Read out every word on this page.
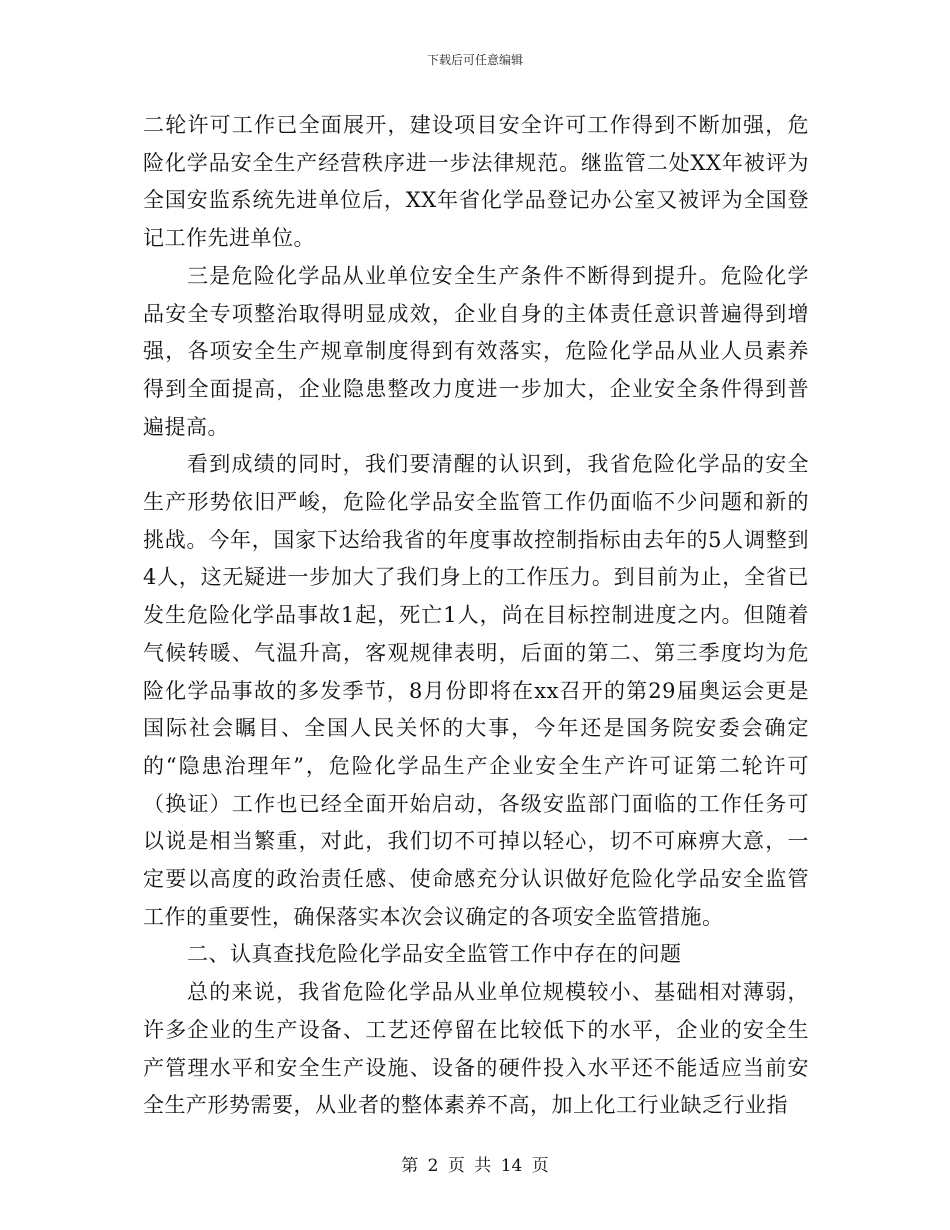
下载后可任意编辑

二轮许可工作已全面展开，建设项目安全许可工作得到不断加强，危险化学品安全生产经营秩序进一步法律规范。继监管二处XX年被评为全国安监系统先进单位后，XX年省化学品登记办公室又被评为全国登记工作先进单位。

三是危险化学品从业单位安全生产条件不断得到提升。危险化学品安全专项整治取得明显成效，企业自身的主体责任意识普遍得到增强，各项安全生产规章制度得到有效落实，危险化学品从业人员素养得到全面提高，企业隐患整改力度进一步加大，企业安全条件得到普遍提高。

看到成绩的同时，我们要清醒的认识到，我省危险化学品的安全生产形势依旧严峻，危险化学品安全监管工作仍面临不少问题和新的挑战。今年，国家下达给我省的年度事故控制指标由去年的5人调整到4人，这无疑进一步加大了我们身上的工作压力。到目前为止，全省已发生危险化学品事故1起，死亡1人，尚在目标控制进度之内。但随着气候转暖、气温升高，客观规律表明，后面的第二、第三季度均为危险化学品事故的多发季节，8月份即将在xx召开的第29届奥运会更是国际社会瞩目、全国人民关怀的大事，今年还是国务院安委会确定的“隐患治理年”，危险化学品生产企业安全生产许可证第二轮许可（换证）工作也已经全面开始启动，各级安监部门面临的工作任务可以说是相当繁重，对此，我们切不可掉以轻心，切不可麻痹大意，一定要以高度的政治责任感、使命感充分认识做好危险化学品安全监管工作的重要性，确保落实本次会议确定的各项安全监管措施。

二、认真查找危险化学品安全监管工作中存在的问题

总的来说，我省危险化学品从业单位规模较小、基础相对薄弱，许多企业的生产设备、工艺还停留在比较低下的水平，企业的安全生产管理水平和安全生产设施、设备的硬件投入水平还不能适应当前安全生产形势需要，从业者的整体素养不高，加上化工行业缺乏行业指

第 2 页 共 14 页
